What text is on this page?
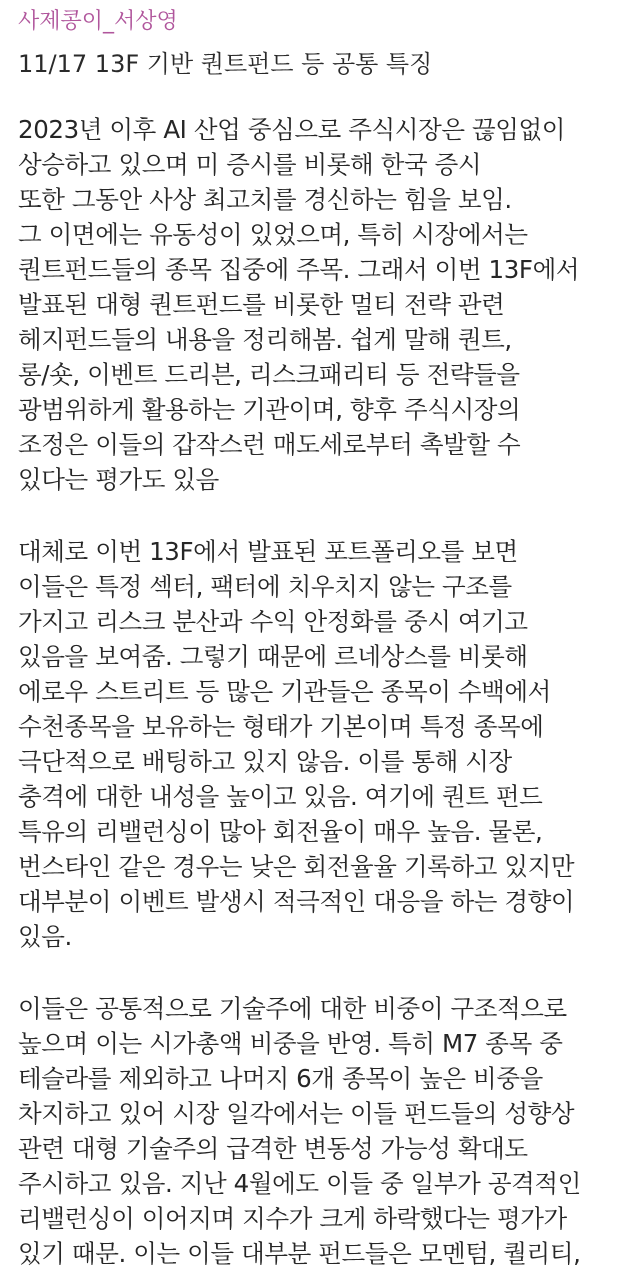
사제콩이_서상영
11/17 13F 기반 퀀트펀드 등 공통 특징
2023년 이후 AI 산업 중심으로 주식시장은 끊임없이
상승하고 있으며 미 증시를 비롯해 한국 증시
또한 그동안 사상 최고치를 경신하는 힘을 보임.
그 이면에는 유동성이 있었으며, 특히 시장에서는
퀀트펀드들의 종목 집중에 주목. 그래서 이번 13F에서
발표된 대형 퀀트펀드를 비롯한 멀티 전략 관련
헤지펀드들의 내용을 정리해봄. 쉽게 말해 퀀트,
롱/숏, 이벤트 드리븐, 리스크패리티 등 전략들을
광범위하게 활용하는 기관이며, 향후 주식시장의
조정은 이들의 갑작스런 매도세로부터 촉발할 수
있다는 평가도 있음
대체로 이번 13F에서 발표된 포트폴리오를 보면
이들은 특정 섹터, 팩터에 치우치지 않는 구조를
가지고 리스크 분산과 수익 안정화를 중시 여기고
있음을 보여줌. 그렇기 때문에 르네상스를 비롯해
에로우 스트리트 등 많은 기관들은 종목이 수백에서
수천종목을 보유하는 형태가 기본이며 특정 종목에
극단적으로 배팅하고 있지 않음. 이를 통해 시장
충격에 대한 내성을 높이고 있음. 여기에 퀀트 펀드
특유의 리밸런싱이 많아 회전율이 매우 높음. 물론,
번스타인 같은 경우는 낮은 회전율율 기록하고 있지만
대부분이 이벤트 발생시 적극적인 대응을 하는 경향이
있음.
이들은 공통적으로 기술주에 대한 비중이 구조적으로
높으며 이는 시가총액 비중을 반영. 특히 M7 종목 중
테슬라를 제외하고 나머지 6개 종목이 높은 비중을
차지하고 있어 시장 일각에서는 이들 펀드들의 성향상
관련 대형 기술주의 급격한 변동성 가능성 확대도
주시하고 있음. 지난 4월에도 이들 중 일부가 공격적인
리밸런싱이 이어지며 지수가 크게 하락했다는 평가가
있기 때문. 이는 이들 대부분 펀드들은 모멘텀, 퀄리티,
